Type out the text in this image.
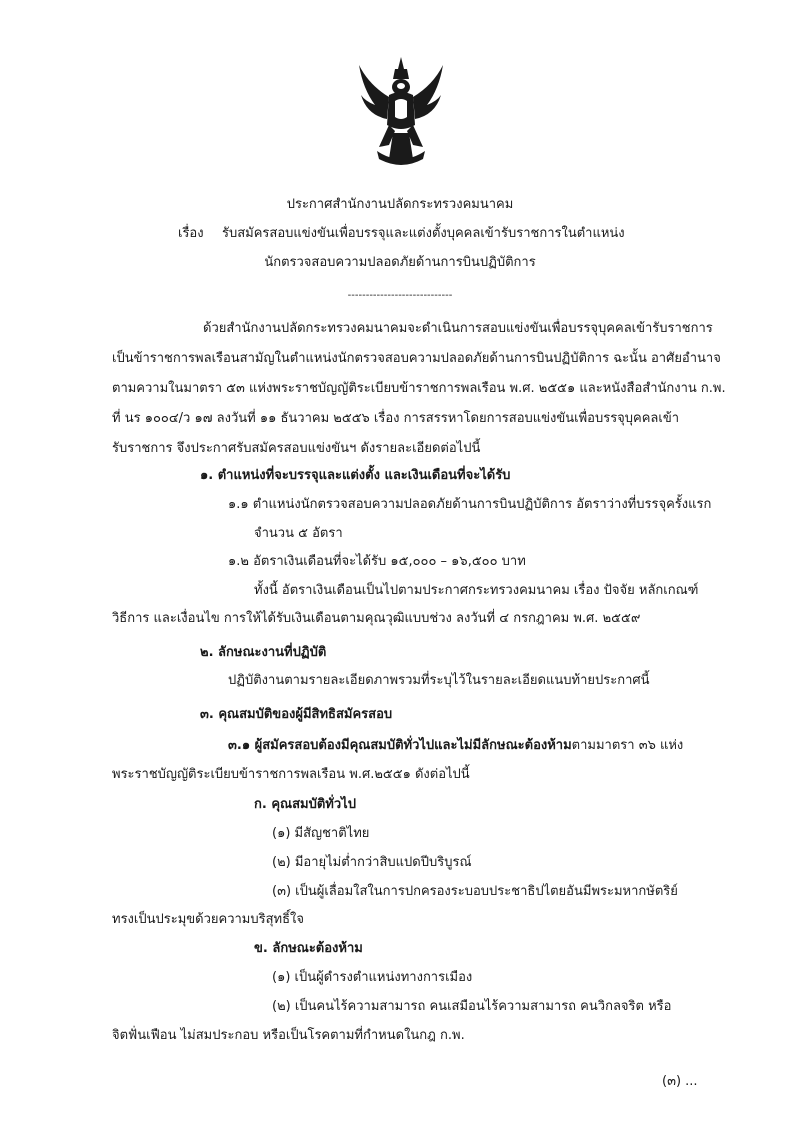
ประกาศสำนักงานปลัดกระทรวงคมนาคม
เรื่อง รับสมัครสอบแข่งขันเพื่อบรรจุและแต่งตั้งบุคคลเข้ารับราชการในตำแหน่ง
นักตรวจสอบความปลอดภัยด้านการบินปฏิบัติการ
-----------------------------
ด้วยสำนักงานปลัดกระทรวงคมนาคมจะดำเนินการสอบแข่งขันเพื่อบรรจุบุคคลเข้ารับราชการ
เป็นข้าราชการพลเรือนสามัญในตำแหน่งนักตรวจสอบความปลอดภัยด้านการบินปฏิบัติการ ฉะนั้น อาศัยอำนาจ
ตามความในมาตรา ๕๓ แห่งพระราชบัญญัติระเบียบข้าราชการพลเรือน พ.ศ. ๒๕๕๑ และหนังสือสำนักงาน ก.พ.
ที่ นร ๑๐๐๔/ว ๑๗ ลงวันที่ ๑๑ ธันวาคม ๒๕๕๖ เรื่อง การสรรหาโดยการสอบแข่งขันเพื่อบรรจุบุคคลเข้า
รับราชการ จึงประกาศรับสมัครสอบแข่งขันฯ ดังรายละเอียดต่อไปนี้
๑. ตำแหน่งที่จะบรรจุและแต่งตั้ง และเงินเดือนที่จะได้รับ
๑.๑ ตำแหน่งนักตรวจสอบความปลอดภัยด้านการบินปฏิบัติการ อัตราว่างที่บรรจุครั้งแรก
จำนวน ๕ อัตรา
๑.๒ อัตราเงินเดือนที่จะได้รับ ๑๕,๐๐๐ – ๑๖,๕๐๐ บาท
ทั้งนี้ อัตราเงินเดือนเป็นไปตามประกาศกระทรวงคมนาคม เรื่อง ปัจจัย หลักเกณฑ์
วิธีการ และเงื่อนไข การให้ได้รับเงินเดือนตามคุณวุฒิแบบช่วง ลงวันที่ ๔ กรกฎาคม พ.ศ. ๒๕๕๙
๒. ลักษณะงานที่ปฏิบัติ
ปฏิบัติงานตามรายละเอียดภาพรวมที่ระบุไว้ในรายละเอียดแนบท้ายประกาศนี้
๓. คุณสมบัติของผู้มีสิทธิสมัครสอบ
๓.๑ ผู้สมัครสอบต้องมีคุณสมบัติทั่วไปและไม่มีลักษณะต้องห้ามตามมาตรา ๓๖ แห่ง
พระราชบัญญัติระเบียบข้าราชการพลเรือน พ.ศ.๒๕๕๑ ดังต่อไปนี้
ก. คุณสมบัติทั่วไป
(๑) มีสัญชาติไทย
(๒) มีอายุไม่ต่ำกว่าสิบแปดปีบริบูรณ์
(๓) เป็นผู้เลื่อมใสในการปกครองระบอบประชาธิปไตยอันมีพระมหากษัตริย์
ทรงเป็นประมุขด้วยความบริสุทธิ์ใจ
ข. ลักษณะต้องห้าม
(๑) เป็นผู้ดำรงตำแหน่งทางการเมือง
(๒) เป็นคนไร้ความสามารถ คนเสมือนไร้ความสามารถ คนวิกลจริต หรือ
จิตฟั่นเฟือน ไม่สมประกอบ หรือเป็นโรคตามที่กำหนดในกฎ ก.พ.
(๓) ...
